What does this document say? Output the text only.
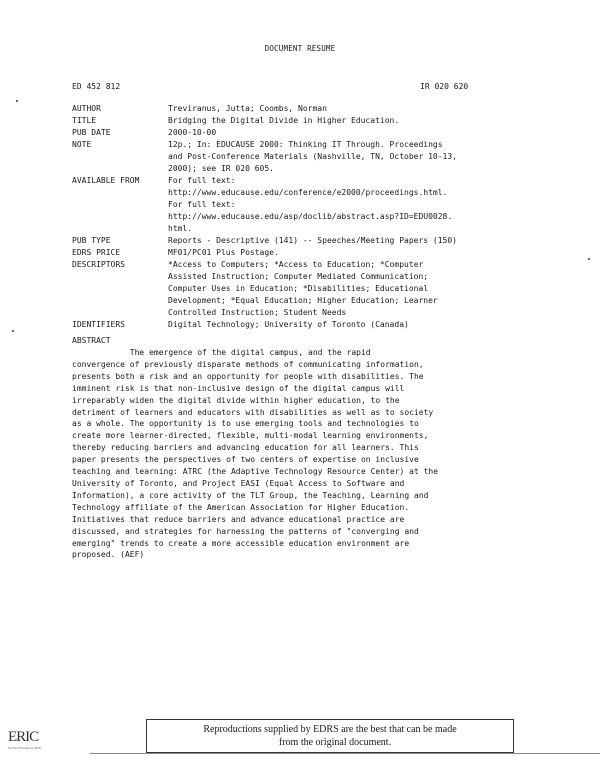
DOCUMENT RESUME
ED 452 812	IR 020 620
AUTHOR	Treviranus, Jutta; Coombs, Norman
TITLE	Bridging the Digital Divide in Higher Education.
PUB DATE	2000-10-00
NOTE	12p.; In: EDUCAUSE 2000: Thinking IT Through. Proceedings
and Post-Conference Materials (Nashville, TN, October 10-13,
2000); see IR 020 605.
AVAILABLE FROM	For full text:
http://www.educause.edu/conference/e2000/proceedings.html.
For full text:
http://www.educause.edu/asp/doclib/abstract.asp?ID=EDU0028.
html.
PUB TYPE	Reports - Descriptive (141) -- Speeches/Meeting Papers (150)
EDRS PRICE	MF01/PC01 Plus Postage.
DESCRIPTORS	*Access to Computers; *Access to Education; *Computer
Assisted Instruction; Computer Mediated Communication;
Computer Uses in Education; *Disabilities; Educational
Development; *Equal Education; Higher Education; Learner
Controlled Instruction; Student Needs
IDENTIFIERS	Digital Technology; University of Toronto (Canada)
ABSTRACT
The emergence of the digital campus, and the rapid
convergence of previously disparate methods of communicating information,
presents both a risk and an opportunity for people with disabilities. The
imminent risk is that non-inclusive design of the digital campus will
irreparably widen the digital divide within higher education, to the
detriment of learners and educators with disabilities as well as to society
as a whole. The opportunity is to use emerging tools and technologies to
create more learner-directed, flexible, multi-modal learning environments,
thereby reducing barriers and advancing education for all learners. This
paper presents the perspectives of two centers of expertise on inclusive
teaching and learning: ATRC (the Adaptive Technology Resource Center) at the
University of Toronto, and Project EASI (Equal Access to Software and
Information), a core activity of the TLT Group, the Teaching, Learning and
Technology affiliate of the American Association for Higher Education.
Initiatives that reduce barriers and advance educational practice are
discussed, and strategies for harnessing the patterns of "converging and
emerging" trends to create a more accessible education environment are
proposed. (AEF)
Reproductions supplied by EDRS are the best that can be made
from the original document.
ERIC
Full Text Provided by ERIC
